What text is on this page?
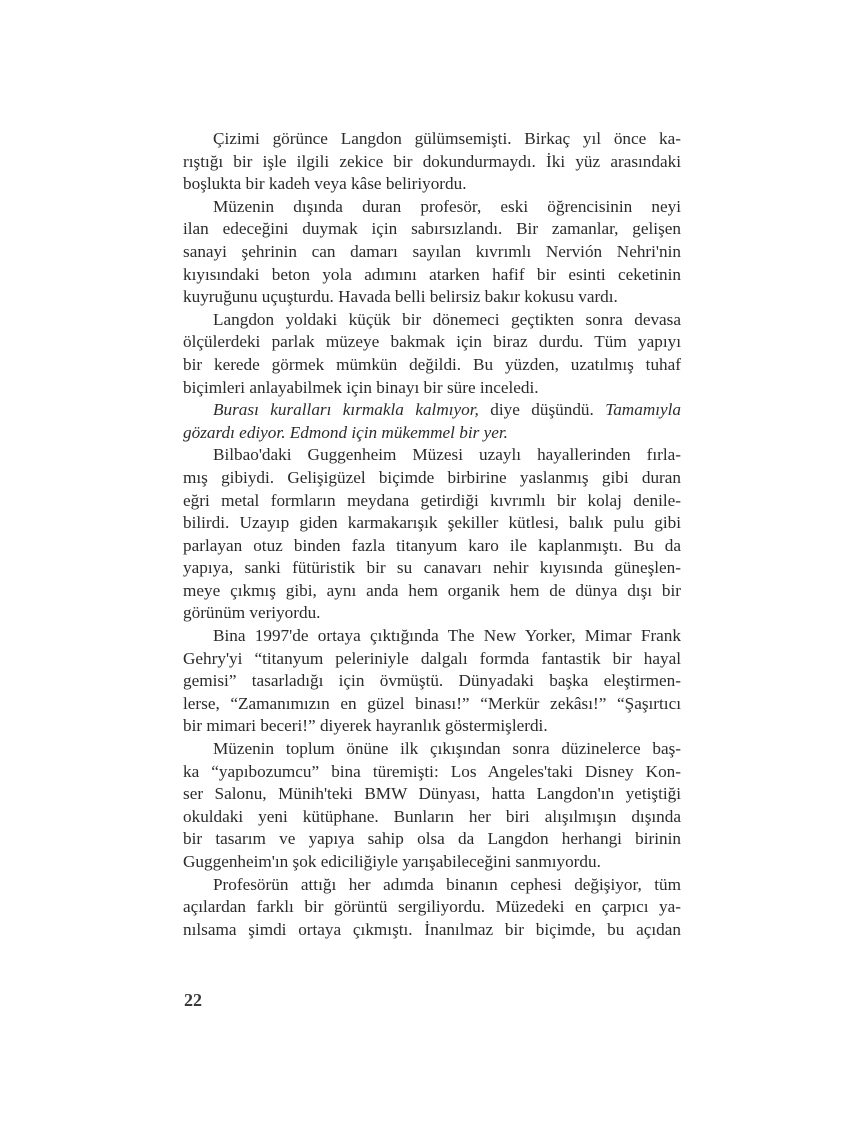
Çizimi görünce Langdon gülümsemişti. Birkaç yıl önce ka-
rıştığı bir işle ilgili zekice bir dokundurmaydı. İki yüz arasındaki
boşlukta bir kadeh veya kâse beliriyordu.

Müzenin dışında duran profesör, eski öğrencisinin neyi
ilan edeceğini duymak için sabırsızlandı. Bir zamanlar, gelişen
sanayi şehrinin can damarı sayılan kıvrımlı Nervión Nehri'nin
kıyısındaki beton yola adımını atarken hafif bir esinti ceketinin
kuyruğunu uçuşturdu. Havada belli belirsiz bakır kokusu vardı.

Langdon yoldaki küçük bir dönemeci geçtikten sonra devasa
ölçülerdeki parlak müzeye bakmak için biraz durdu. Tüm yapıyı
bir kerede görmek mümkün değildi. Bu yüzden, uzatılmış tuhaf
biçimleri anlayabilmek için binayı bir süre inceledi.

Burası kuralları kırmakla kalmıyor, diye düşündü. Tamamıyla
gözardı ediyor. Edmond için mükemmel bir yer.

Bilbao'daki Guggenheim Müzesi uzaylı hayallerinden fırla-
mış gibiydi. Gelişigüzel biçimde birbirine yaslanmış gibi duran
eğri metal formların meydana getirdiği kıvrımlı bir kolaj denile-
bilirdi. Uzayıp giden karmakarışık şekiller kütlesi, balık pulu gibi
parlayan otuz binden fazla titanyum karo ile kaplanmıştı. Bu da
yapıya, sanki fütüristik bir su canavarı nehir kıyısında güneşlen-
meye çıkmış gibi, aynı anda hem organik hem de dünya dışı bir
görünüm veriyordu.

Bina 1997'de ortaya çıktığında The New Yorker, Mimar Frank
Gehry'yi “titanyum peleriniyle dalgalı formda fantastik bir hayal
gemisi” tasarladığı için övmüştü. Dünyadaki başka eleştirmen-
lerse, “Zamanımızın en güzel binası!” “Merkür zekâsı!” “Şaşırtıcı
bir mimari beceri!” diyerek hayranlık göstermişlerdi.

Müzenin toplum önüne ilk çıkışından sonra düzinelerce baş-
ka “yapıbozumcu” bina türemişti: Los Angeles'taki Disney Kon-
ser Salonu, Münih'teki BMW Dünyası, hatta Langdon'ın yetiştiği
okuldaki yeni kütüphane. Bunların her biri alışılmışın dışında
bir tasarım ve yapıya sahip olsa da Langdon herhangi birinin
Guggenheim'ın şok ediciliğiyle yarışabileceğini sanmıyordu.

Profesörün attığı her adımda binanın cephesi değişiyor, tüm
açılardan farklı bir görüntü sergiliyordu. Müzedeki en çarpıcı ya-
nılsama şimdi ortaya çıkmıştı. İnanılmaz bir biçimde, bu açıdan

22
